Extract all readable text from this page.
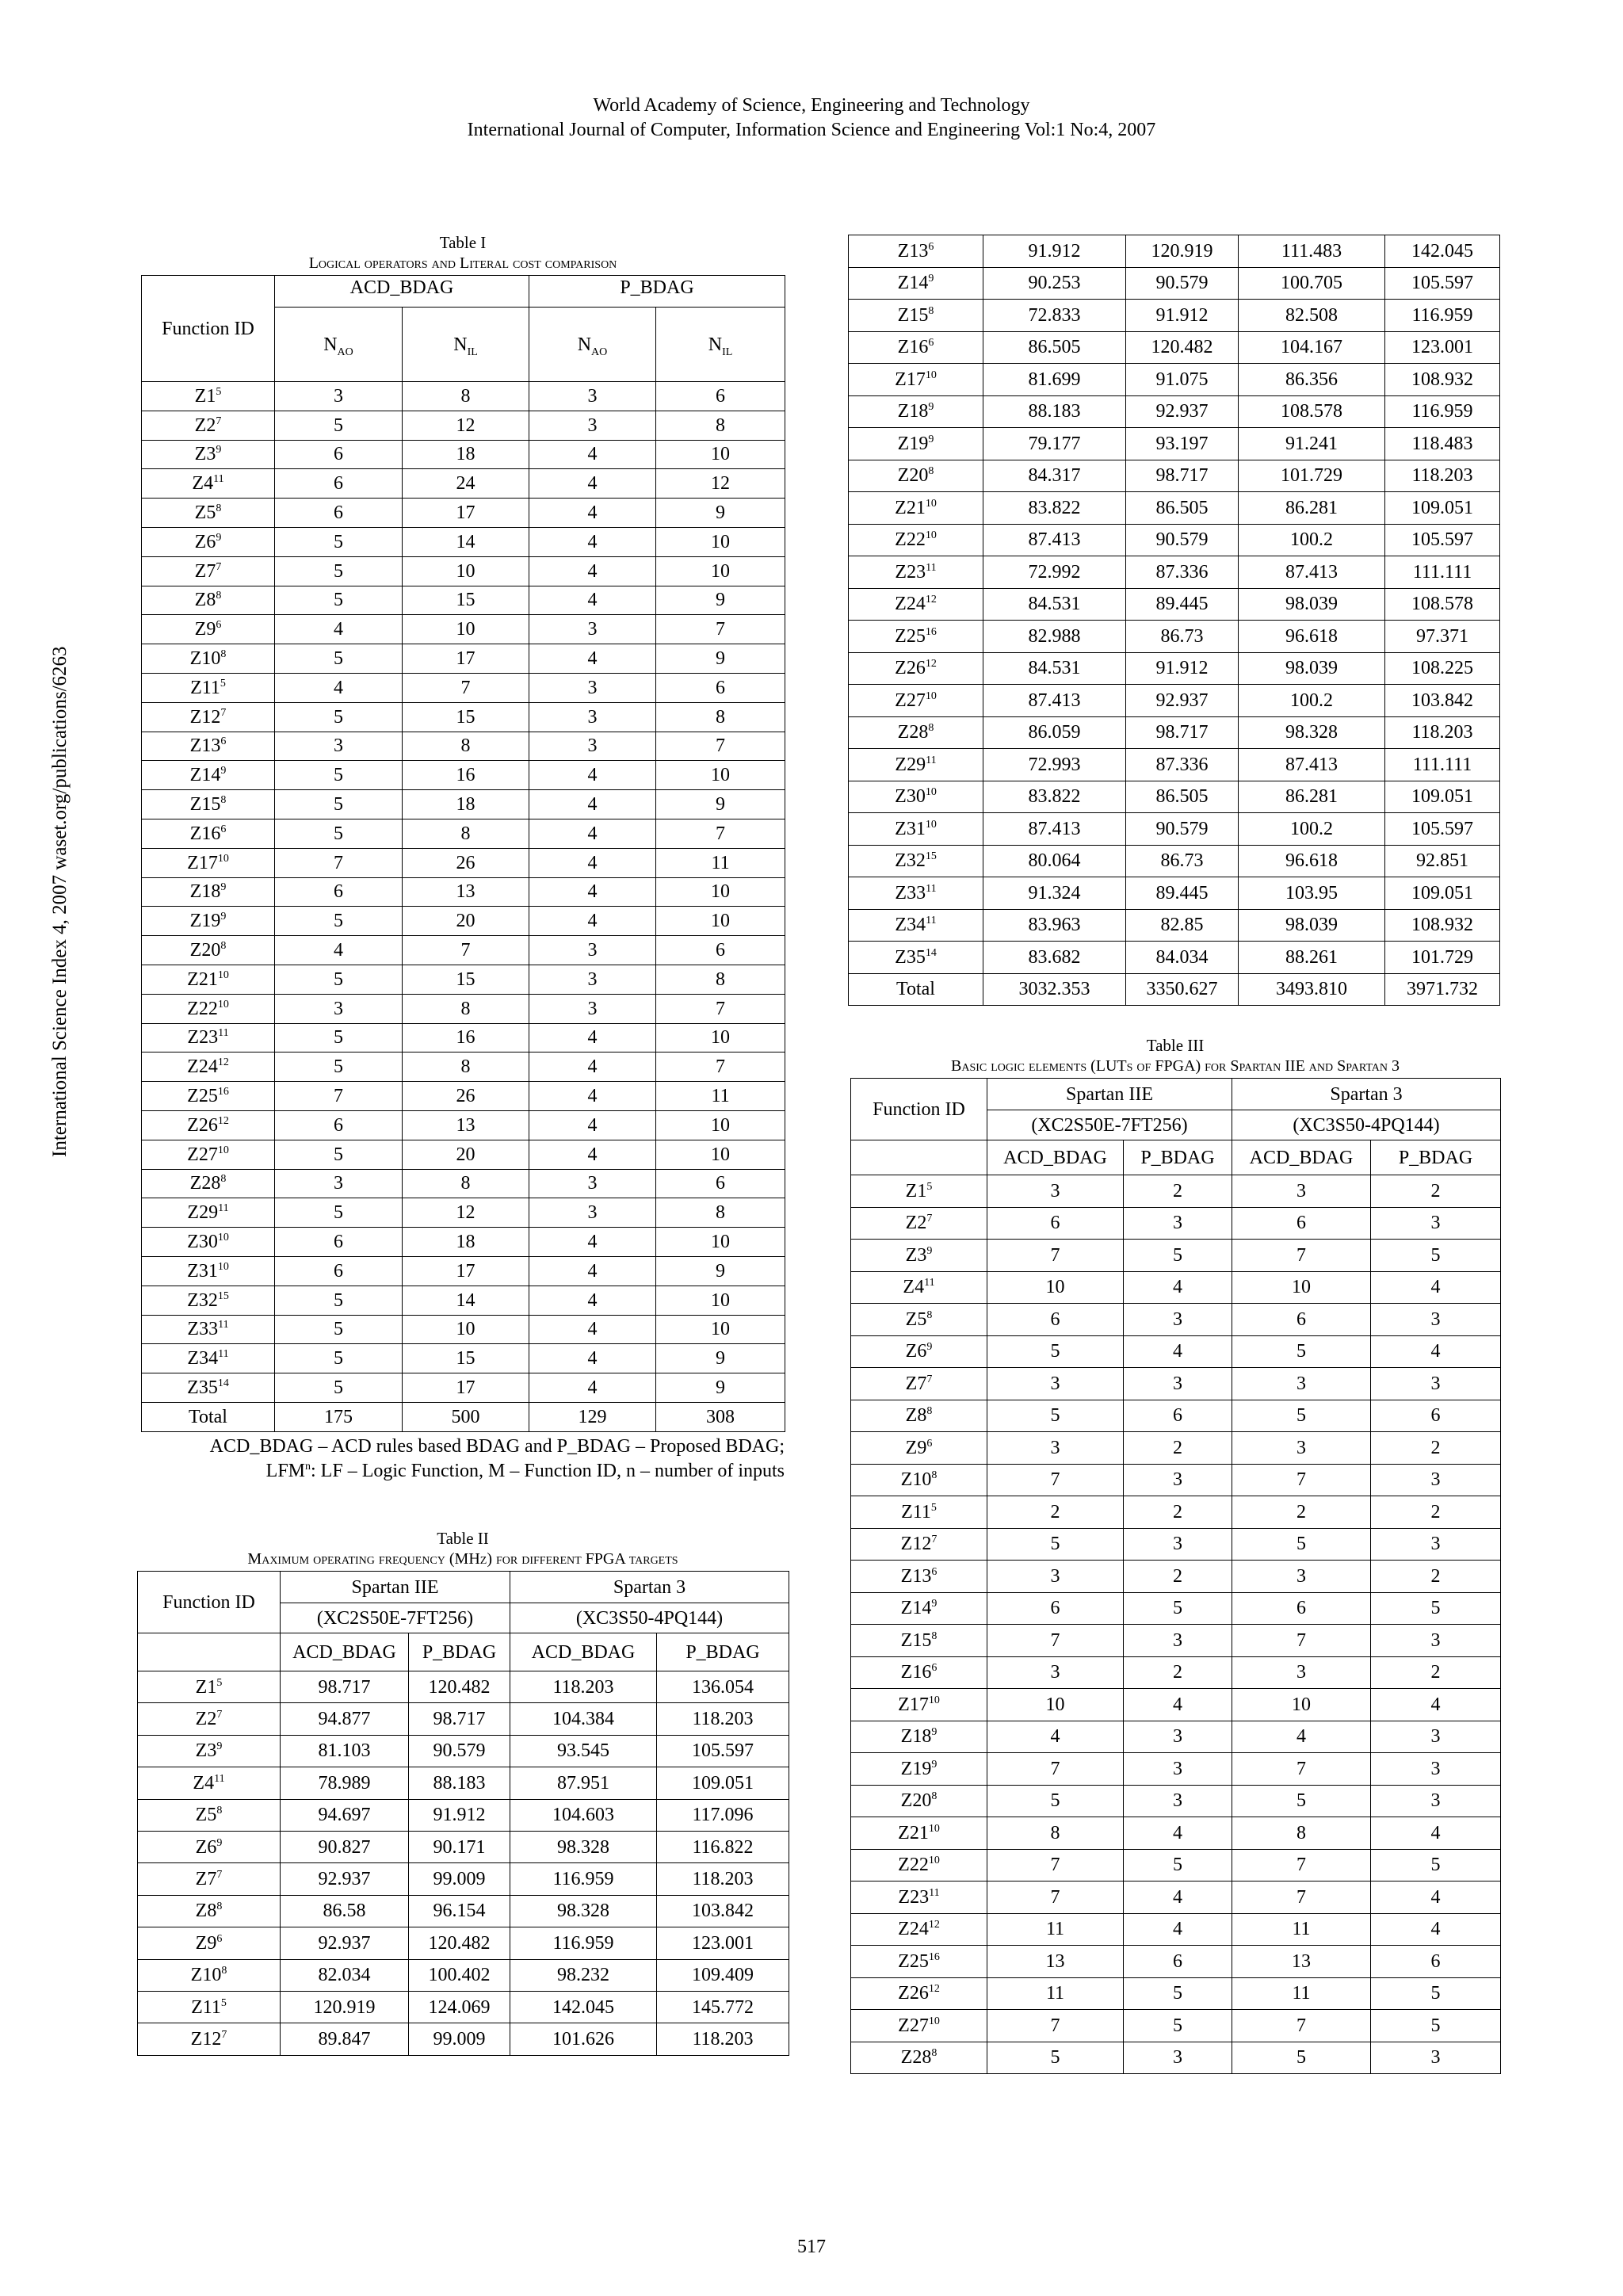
World Academy of Science, Engineering and Technology
International Journal of Computer, Information Science and Engineering Vol:1 No:4, 2007
International Science Index 4, 2007 waset.org/publications/6263

Table I

Logical operators and Literal cost comparison

Function ID	ACD_BDAG		P_BDAG	
	$N_{AO}$	$N_{IL}$	$N_{AO}$	$N_{IL}$
$Z1^5$	3	8	3	6
$Z2^7$	5	12	3	8
$Z3^9$	6	18	4	10
$Z4^{11}$	6	24	4	12
$Z5^8$	6	17	4	9
$Z6^9$	5	14	4	10
$Z7^7$	5	10	4	10
$Z8^8$	5	15	4	9
$Z9^6$	4	10	3	7
$Z10^8$	5	17	4	9
$Z11^5$	4	7	3	6
$Z12^7$	5	15	3	8
$Z13^6$	3	8	3	7
$Z14^9$	5	16	4	10
$Z15^8$	5	18	4	9
$Z16^6$	5	8	4	7
$Z17^{10}$	7	26	4	11
$Z18^9$	6	13	4	10
$Z19^9$	5	20	4	10
$Z20^8$	4	7	3	6
$Z21^{10}$	5	15	3	8
$Z22^{10}$	3	8	3	7
$Z23^{11}$	5	16	4	10
$Z24^{12}$	5	8	4	7
$Z25^{16}$	7	26	4	11
$Z26^{12}$	6	13	4	10
$Z27^{10}$	5	20	4	10
$Z28^8$	3	8	3	6
$Z29^{11}$	5	12	3	8
$Z30^{10}$	6	18	4	10
$Z31^{10}$	6	17	4	9
$Z32^{15}$	5	14	4	10
$Z33^{11}$	5	10	4	10
$Z34^{11}$	5	15	4	9
$Z35^{14}$	5	17	4	9
Total	175	500	129	308
ACD_BDAG – ACD rules based BDAG and P_BDAG – Proposed BDAG;
LFM$^n$: LF – Logic Function, M – Function ID, n – number of inputs

Table II

Maximum operating frequency (MHz) for different FPGA targets

Function ID	Spartan IIE		Spartan 3	
	(XC2S50E-7FT256)		(XC3S50-4PQ144)	
	ACD_BDAG	P_BDAG	ACD_BDAG	P_BDAG
$Z1^5$	98.717	120.482	118.203	136.054
$Z2^7$	94.877	98.717	104.384	118.203
$Z3^9$	81.103	90.579	93.545	105.597
$Z4^{11}$	78.989	88.183	87.951	109.051
$Z5^8$	94.697	91.912	104.603	117.096
$Z6^9$	90.827	90.171	98.328	116.822
$Z7^7$	92.937	99.009	116.959	118.203
$Z8^8$	86.58	96.154	98.328	103.842
$Z9^6$	92.937	120.482	116.959	123.001
$Z10^8$	82.034	100.402	98.232	109.409
$Z11^5$	120.919	124.069	142.045	145.772
$Z12^7$	89.847	99.009	101.626	118.203
$Z13^6$	91.912	120.919	111.483	142.045
$Z14^9$	90.253	90.579	100.705	105.597
$Z15^8$	72.833	91.912	82.508	116.959
$Z16^6$	86.505	120.482	104.167	123.001
$Z17^{10}$	81.699	91.075	86.356	108.932
$Z18^9$	88.183	92.937	108.578	116.959
$Z19^9$	79.177	93.197	91.241	118.483
$Z20^8$	84.317	98.717	101.729	118.203
$Z21^{10}$	83.822	86.505	86.281	109.051
$Z22^{10}$	87.413	90.579	100.2	105.597
$Z23^{11}$	72.992	87.336	87.413	111.111
$Z24^{12}$	84.531	89.445	98.039	108.578
$Z25^{16}$	82.988	86.73	96.618	97.371
$Z26^{12}$	84.531	91.912	98.039	108.225
$Z27^{10}$	87.413	92.937	100.2	103.842
$Z28^8$	86.059	98.717	98.328	118.203
$Z29^{11}$	72.993	87.336	87.413	111.111
$Z30^{10}$	83.822	86.505	86.281	109.051
$Z31^{10}$	87.413	90.579	100.2	105.597
$Z32^{15}$	80.064	86.73	96.618	92.851
$Z33^{11}$	91.324	89.445	103.95	109.051
$Z34^{11}$	83.963	82.85	98.039	108.932
$Z35^{14}$	83.682	84.034	88.261	101.729
Total	3032.353	3350.627	3493.810	3971.732

Table III

Basic logic elements (LUTs of FPGA) for Spartan IIE and Spartan 3

Function ID	Spartan IIE		Spartan 3	
	(XC2S50E-7FT256)		(XC3S50-4PQ144)	
	ACD_BDAG	P_BDAG	ACD_BDAG	P_BDAG
$Z1^5$	3	2	3	2
$Z2^7$	6	3	6	3
$Z3^9$	7	5	7	5
$Z4^{11}$	10	4	10	4
$Z5^8$	6	3	6	3
$Z6^9$	5	4	5	4
$Z7^7$	3	3	3	3
$Z8^8$	5	6	5	6
$Z9^6$	3	2	3	2
$Z10^8$	7	3	7	3
$Z11^5$	2	2	2	2
$Z12^7$	5	3	5	3
$Z13^6$	3	2	3	2
$Z14^9$	6	5	6	5
$Z15^8$	7	3	7	3
$Z16^6$	3	2	3	2
$Z17^{10}$	10	4	10	4
$Z18^9$	4	3	4	3
$Z19^9$	7	3	7	3
$Z20^8$	5	3	5	3
$Z21^{10}$	8	4	8	4
$Z22^{10}$	7	5	7	5
$Z23^{11}$	7	4	7	4
$Z24^{12}$	11	4	11	4
$Z25^{16}$	13	6	13	6
$Z26^{12}$	11	5	11	5
$Z27^{10}$	7	5	7	5
$Z28^8$	5	3	5	3
517
